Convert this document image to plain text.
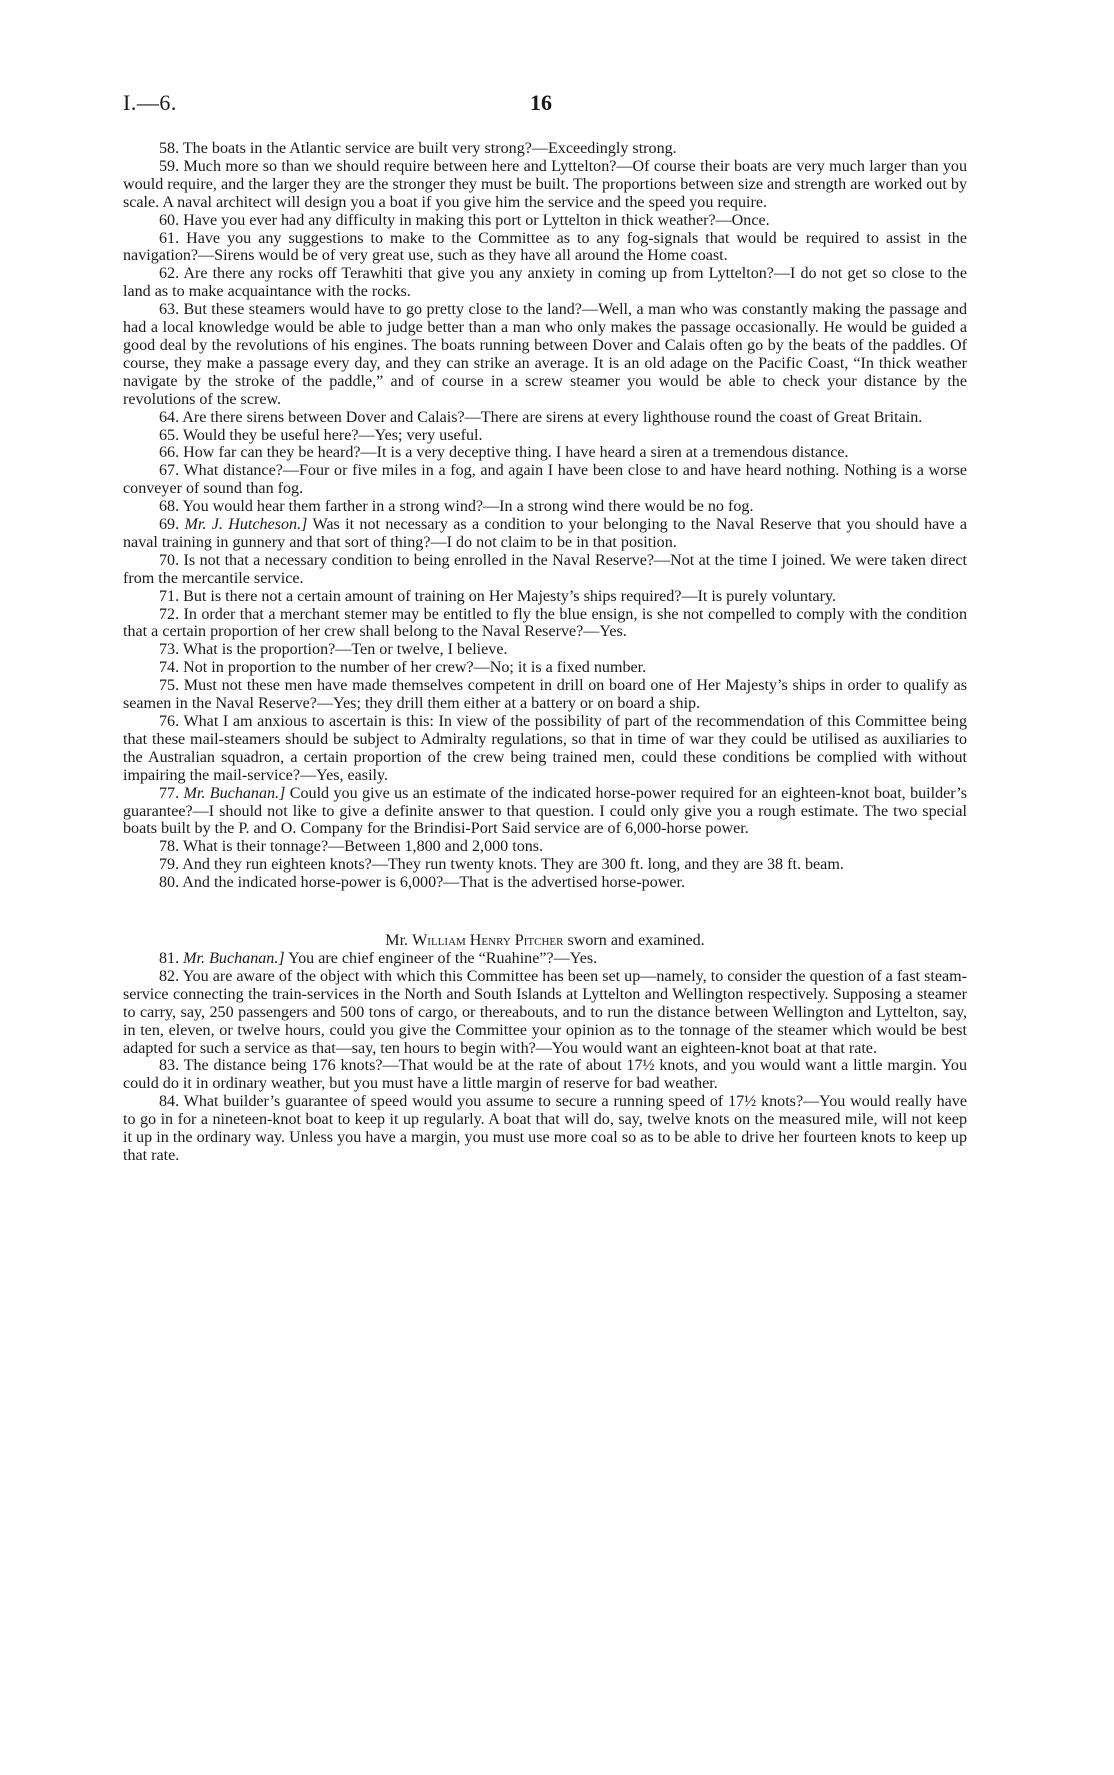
I.—6.	16

58. The boats in the Atlantic service are built very strong?—Exceedingly strong.

59. Much more so than we should require between here and Lyttelton?—Of course their boats are very much larger than you would require, and the larger they are the stronger they must be built. The proportions between size and strength are worked out by scale. A naval architect will design you a boat if you give him the service and the speed you require.

60. Have you ever had any difficulty in making this port or Lyttelton in thick weather?—Once.

61. Have you any suggestions to make to the Committee as to any fog-signals that would be required to assist in the navigation?—Sirens would be of very great use, such as they have all around the Home coast.

62. Are there any rocks off Terawhiti that give you any anxiety in coming up from Lyttelton?—I do not get so close to the land as to make acquaintance with the rocks.

63. But these steamers would have to go pretty close to the land?—Well, a man who was constantly making the passage and had a local knowledge would be able to judge better than a man who only makes the passage occasionally. He would be guided a good deal by the revolutions of his engines. The boats running between Dover and Calais often go by the beats of the paddles. Of course, they make a passage every day, and they can strike an average. It is an old adage on the Pacific Coast, “In thick weather navigate by the stroke of the paddle,” and of course in a screw steamer you would be able to check your distance by the revolutions of the screw.

64. Are there sirens between Dover and Calais?—There are sirens at every lighthouse round the coast of Great Britain.

65. Would they be useful here?—Yes; very useful.

66. How far can they be heard?—It is a very deceptive thing. I have heard a siren at a tremendous distance.

67. What distance?—Four or five miles in a fog, and again I have been close to and have heard nothing. Nothing is a worse conveyer of sound than fog.

68. You would hear them farther in a strong wind?—In a strong wind there would be no fog.

69. Mr. J. Hutcheson.] Was it not necessary as a condition to your belonging to the Naval Reserve that you should have a naval training in gunnery and that sort of thing?—I do not claim to be in that position.

70. Is not that a necessary condition to being enrolled in the Naval Reserve?—Not at the time I joined. We were taken direct from the mercantile service.

71. But is there not a certain amount of training on Her Majesty’s ships required?—It is purely voluntary.

72. In order that a merchant stemer may be entitled to fly the blue ensign, is she not compelled to comply with the condition that a certain proportion of her crew shall belong to the Naval Reserve?—Yes.

73. What is the proportion?—Ten or twelve, I believe.

74. Not in proportion to the number of her crew?—No; it is a fixed number.

75. Must not these men have made themselves competent in drill on board one of Her Majesty’s ships in order to qualify as seamen in the Naval Reserve?—Yes; they drill them either at a battery or on board a ship.

76. What I am anxious to ascertain is this: In view of the possibility of part of the recommendation of this Committee being that these mail-steamers should be subject to Admiralty regulations, so that in time of war they could be utilised as auxiliaries to the Australian squadron, a certain proportion of the crew being trained men, could these conditions be complied with without impairing the mail-service?—Yes, easily.

77. Mr. Buchanan.] Could you give us an estimate of the indicated horse-power required for an eighteen-knot boat, builder’s guarantee?—I should not like to give a definite answer to that question. I could only give you a rough estimate. The two special boats built by the P. and O. Company for the Brindisi-Port Said service are of 6,000-horse power.

78. What is their tonnage?—Between 1,800 and 2,000 tons.

79. And they run eighteen knots?—They run twenty knots. They are 300 ft. long, and they are 38 ft. beam.

80. And the indicated horse-power is 6,000?—That is the advertised horse-power.

Mr. William Henry Pitcher sworn and examined.

81. Mr. Buchanan.] You are chief engineer of the “Ruahine”?—Yes.

82. You are aware of the object with which this Committee has been set up—namely, to consider the question of a fast steam-service connecting the train-services in the North and South Islands at Lyttelton and Wellington respectively. Supposing a steamer to carry, say, 250 passengers and 500 tons of cargo, or thereabouts, and to run the distance between Wellington and Lyttelton, say, in ten, eleven, or twelve hours, could you give the Committee your opinion as to the tonnage of the steamer which would be best adapted for such a service as that—say, ten hours to begin with?—You would want an eighteen-knot boat at that rate.

83. The distance being 176 knots?—That would be at the rate of about 17½ knots, and you would want a little margin. You could do it in ordinary weather, but you must have a little margin of reserve for bad weather.

84. What builder’s guarantee of speed would you assume to secure a running speed of 17½ knots?—You would really have to go in for a nineteen-knot boat to keep it up regularly. A boat that will do, say, twelve knots on the measured mile, will not keep it up in the ordinary way. Unless you have a margin, you must use more coal so as to be able to drive her fourteen knots to keep up that rate.
